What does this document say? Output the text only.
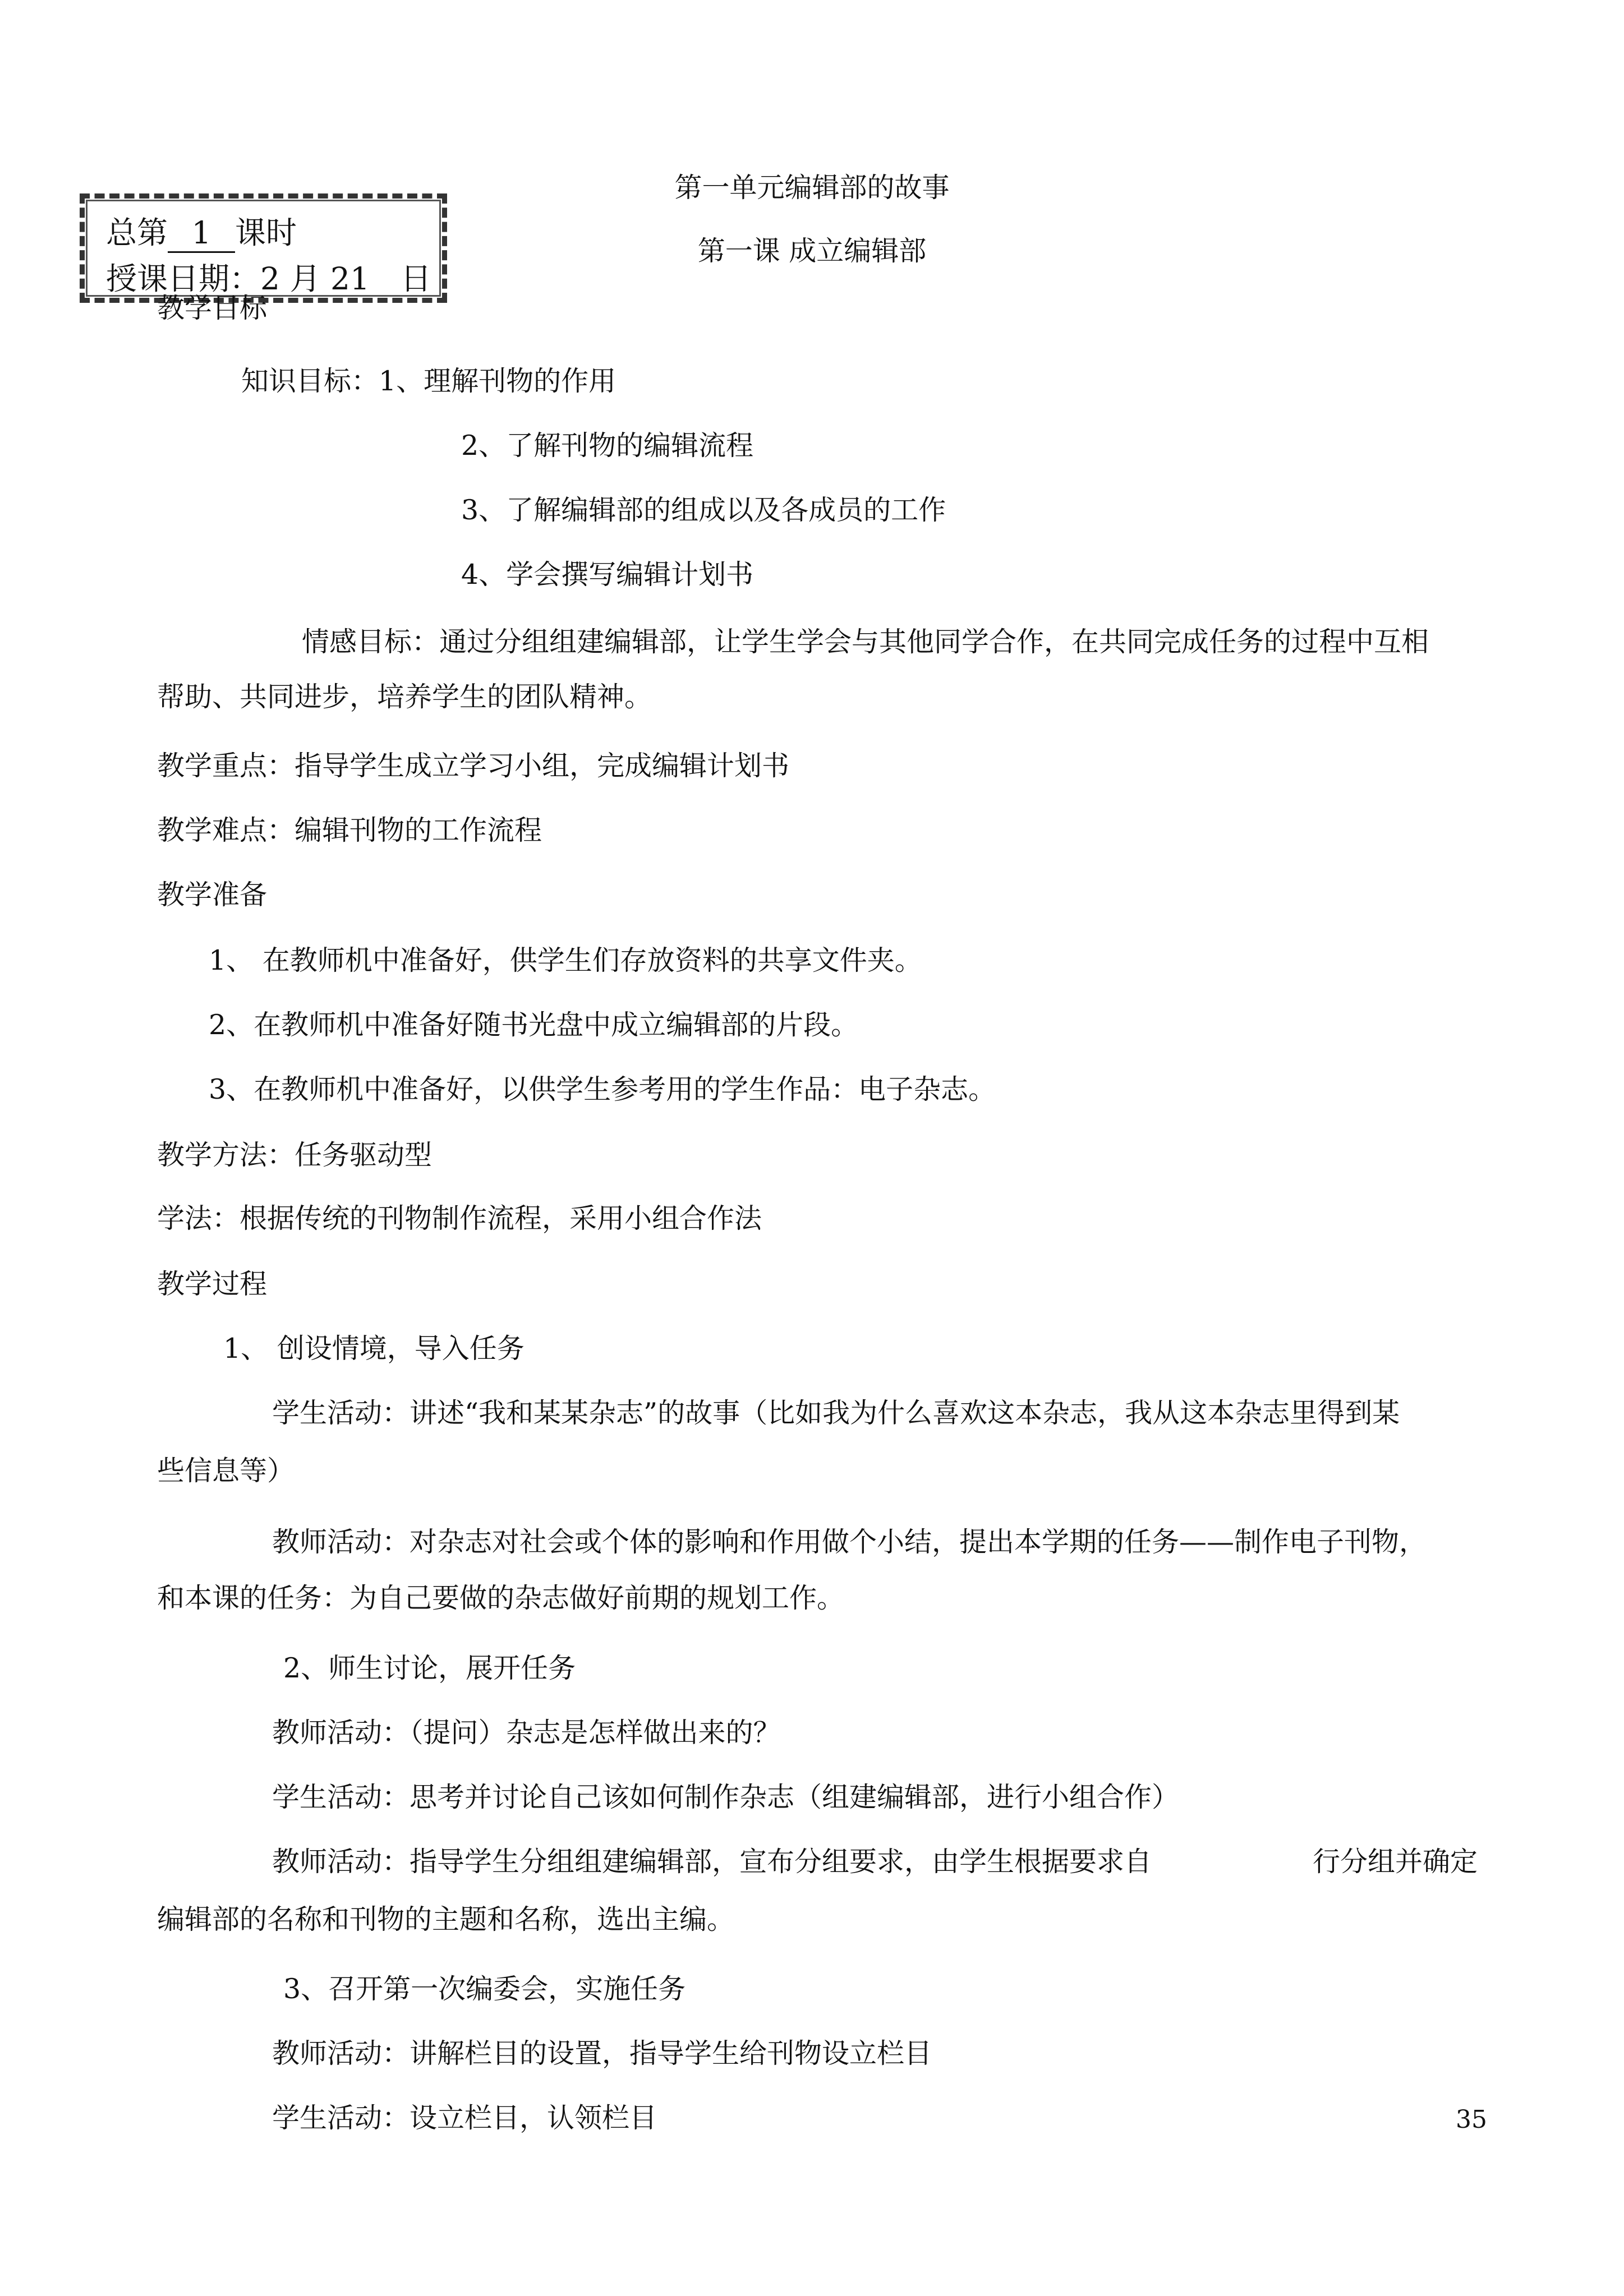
第一单元编辑部的故事
第一课 成立编辑部
总第 1 课时
授课日期：2 月 21　日
教学目标
知识目标：1、理解刊物的作用
2、了解刊物的编辑流程
3、了解编辑部的组成以及各成员的工作
4、学会撰写编辑计划书
情感目标：通过分组组建编辑部，让学生学会与其他同学合作，在共同完成任务的过程中互相
帮助、共同进步，培养学生的团队精神。
教学重点：指导学生成立学习小组，完成编辑计划书
教学难点：编辑刊物的工作流程
教学准备
1、 在教师机中准备好，供学生们存放资料的共享文件夹。
2、在教师机中准备好随书光盘中成立编辑部的片段。
3、在教师机中准备好，以供学生参考用的学生作品：电子杂志。
教学方法：任务驱动型
学法：根据传统的刊物制作流程，采用小组合作法
教学过程
1、 创设情境，导入任务
学生活动：讲述“我和某某杂志”的故事（比如我为什么喜欢这本杂志，我从这本杂志里得到某
些信息等）
教师活动：对杂志对社会或个体的影响和作用做个小结，提出本学期的任务——制作电子刊物，
和本课的任务：为自己要做的杂志做好前期的规划工作。
2、师生讨论，展开任务
教师活动：（提问）杂志是怎样做出来的？
学生活动：思考并讨论自己该如何制作杂志（组建编辑部，进行小组合作）
教师活动：指导学生分组组建编辑部，宣布分组要求，由学生根据要求自	行分组并确定
编辑部的名称和刊物的主题和名称，选出主编。
3、召开第一次编委会，实施任务
教师活动：讲解栏目的设置，指导学生给刊物设立栏目
学生活动：设立栏目，认领栏目	35
